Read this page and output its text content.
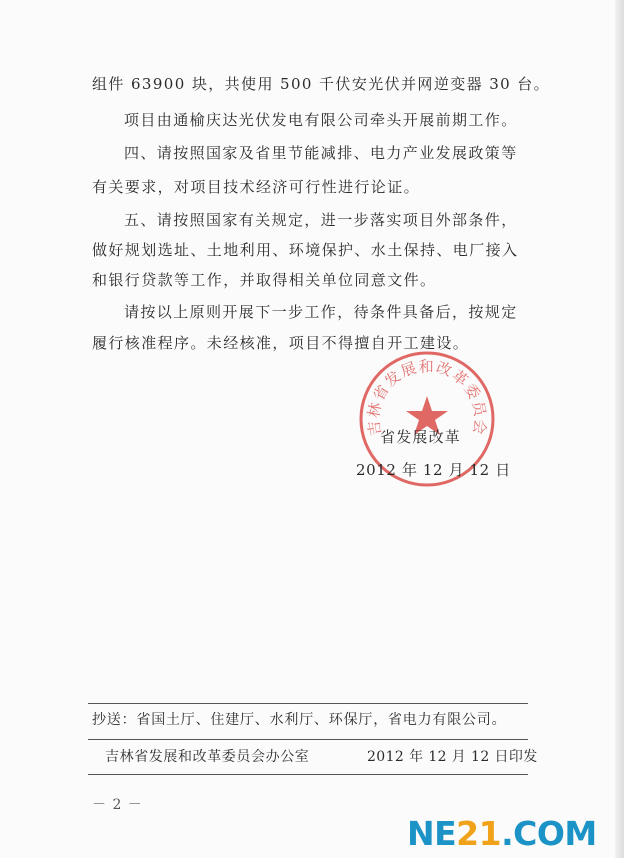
组件 63900 块，共使用 500 千伏安光伏并网逆变器 30 台。
项目由通榆庆达光伏发电有限公司牵头开展前期工作。
四、请按照国家及省里节能减排、电力产业发展政策等
有关要求，对项目技术经济可行性进行论证。
五、请按照国家有关规定，进一步落实项目外部条件，
做好规划选址、土地利用、环境保护、水土保持、电厂接入
和银行贷款等工作，并取得相关单位同意文件。
请按以上原则开展下一步工作，待条件具备后，按规定
履行核准程序。未经核准，项目不得擅自开工建设。
吉林省发展和改革委员会
省发展改革
2012 年 12 月 12 日
抄送：省国土厅、住建厅、水利厅、环保厅，省电力有限公司。
吉林省发展和改革委员会办公室	2012 年 12 月 12 日印发
－ 2 －
NE21.COM
